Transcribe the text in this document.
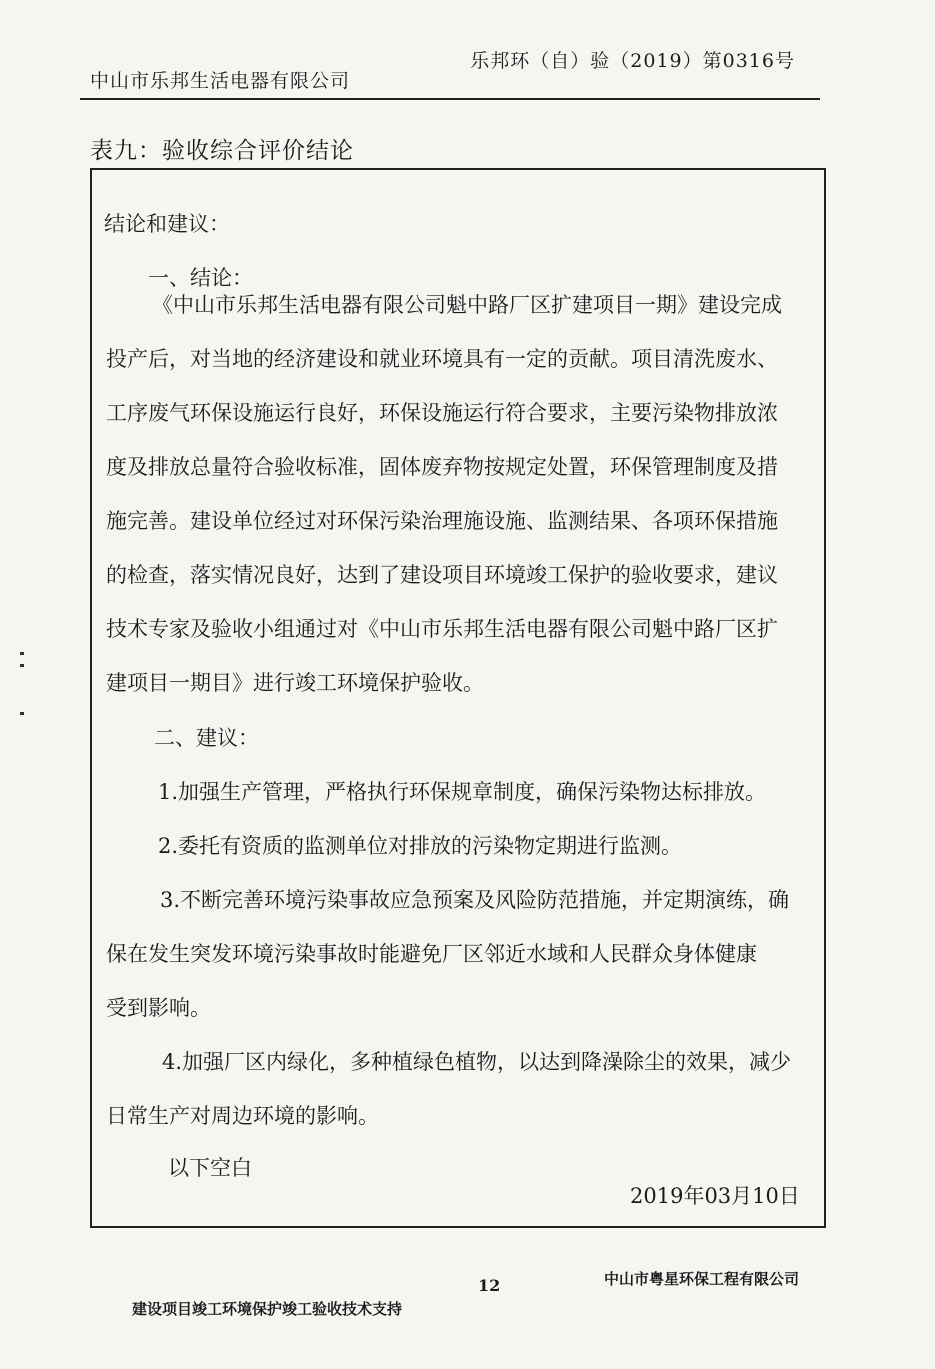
乐邦环（自）验（2019）第0316号
中山市乐邦生活电器有限公司
表九：验收综合评价结论
结论和建议：
一、结论：
《中山市乐邦生活电器有限公司魁中路厂区扩建项目一期》建设完成
投产后，对当地的经济建设和就业环境具有一定的贡献。项目清洗废水、
工序废气环保设施运行良好，环保设施运行符合要求，主要污染物排放浓
度及排放总量符合验收标准，固体废弃物按规定处置，环保管理制度及措
施完善。建设单位经过对环保污染治理施设施、监测结果、各项环保措施
的检查，落实情况良好，达到了建设项目环境竣工保护的验收要求，建议
技术专家及验收小组通过对《中山市乐邦生活电器有限公司魁中路厂区扩
建项目一期目》进行竣工环境保护验收。
二、建议：
1.加强生产管理，严格执行环保规章制度，确保污染物达标排放。
2.委托有资质的监测单位对排放的污染物定期进行监测。
3.不断完善环境污染事故应急预案及风险防范措施，并定期演练，确
保在发生突发环境污染事故时能避免厂区邻近水域和人民群众身体健康
受到影响。
4.加强厂区内绿化，多种植绿色植物，以达到降澡除尘的效果，减少
日常生产对周边环境的影响。
以下空白
2019年03月10日
建设项目竣工环境保护竣工验收技术支持
12	中山市粤星环保工程有限公司
